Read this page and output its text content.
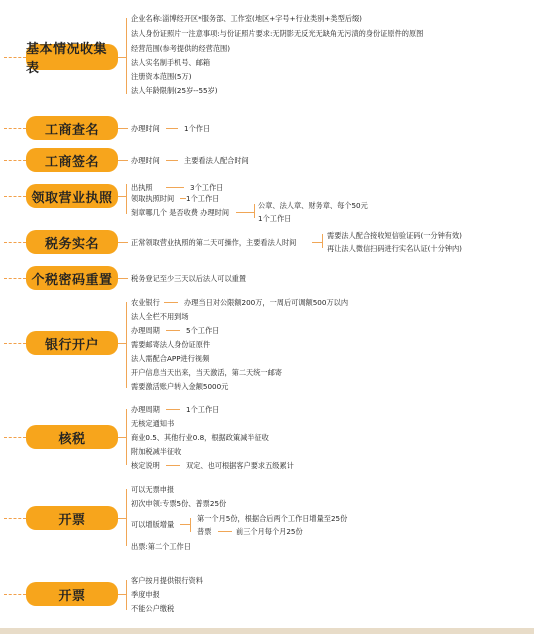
基本情况收集表
工商查名
工商签名
领取营业执照
税务实名
个税密码重置
银行开户
核税
开票
开票
企业名称:淄博经开区*服务部、工作室(地区+字号+行业类别+类型后缀)
法人身份证照片一注意事项:与份证照片要求:无阴影无反光无缺角无污渍的身份证原件的原图
经营范围(参考提供的经营范围)
法人实名制手机号、邮箱
注册资本范围(5万)
法人年龄限制(25岁--55岁)
办理时间	1个作日
办理时间	主要看法人配合时间
出执照	3个工作日
领取执照时间 1个工作日
刻章哪几个 是否收费 办理时间
公章、法人章、财务章、每个50元
1个工作日
正常领取营业执照的第二天可操作，主要看法人时间
需要法人配合接收短信验证码(一分钟有效)
再让法人微信扫码进行实名认证(十分钟内)
税务登记至少三天以后法人可以重置
农业银行	办理当日对公限额200万，一周后可调额500万以内
法人全栏不用到场
办理周期	5个工作日
需要邮寄法人身份证原件
法人需配合APP进行视频
开户信息当天出来，当天激活，第二天统一邮寄
需要激活账户转入金额5000元
办理周期	1个工作日
无核定通知书
商业0.5、其他行业0.8，根据政策减半征收
附加税减半征收
核定说明	双定、也可根据客户要求五级累计
可以无票申报
初次申领:专票5份、普票25份
可以增版增量
第一个月5份，根据合后两个工作日增量至25份
普票	前三个月每个月25份
出票:第二个工作日
客户按月提供银行资料
季度申报
不能公户缴税
